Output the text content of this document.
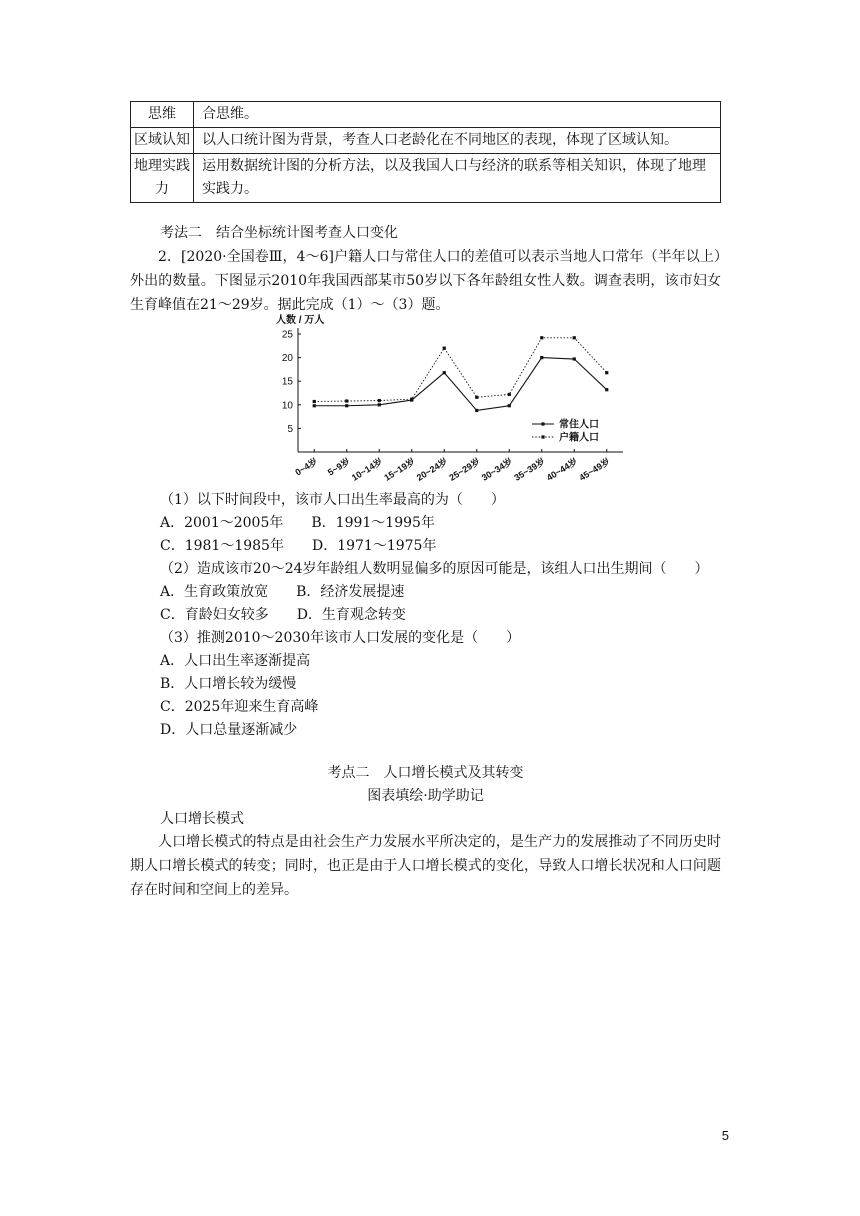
思维	合思维。
区域认知	以人口统计图为背景，考查人口老龄化在不同地区的表现，体现了区域认知。
地理实践力	运用数据统计图的分析方法，以及我国人口与经济的联系等相关知识，体现了地理实践力。
考法二　结合坐标统计图考查人口变化
2．[2020·全国卷Ⅲ，4～6]户籍人口与常住人口的差值可以表示当地人口常年（半年以上）外出的数量。下图显示2010年我国西部某市50岁以下各年龄组女性人数。调查表明，该市妇女生育峰值在21～29岁。据此完成（1）～（3）题。
人数 / 万人
5
10
15
20
25
0~4岁 5~9岁
10~14岁
15~19岁
20~24岁
25~29岁
30~34岁
35~39岁
40~44岁
45~49岁
常住人口
户籍人口
（1）以下时间段中，该市人口出生率最高的为（　　）
A．2001～2005年　　B．1991～1995年
C．1981～1985年　　D．1971～1975年
（2）造成该市20～24岁年龄组人数明显偏多的原因可能是，该组人口出生期间（　　）
A．生育政策放宽　　B．经济发展提速
C．育龄妇女较多　　D．生育观念转变
（3）推测2010～2030年该市人口发展的变化是（　　）
A．人口出生率逐渐提高
B．人口增长较为缓慢
C．2025年迎来生育高峰
D．人口总量逐渐减少
考点二　人口增长模式及其转变
图表填绘·助学助记
人口增长模式
人口增长模式的特点是由社会生产力发展水平所决定的，是生产力的发展推动了不同历史时期人口增长模式的转变；同时，也正是由于人口增长模式的变化，导致人口增长状况和人口问题存在时间和空间上的差异。
5
